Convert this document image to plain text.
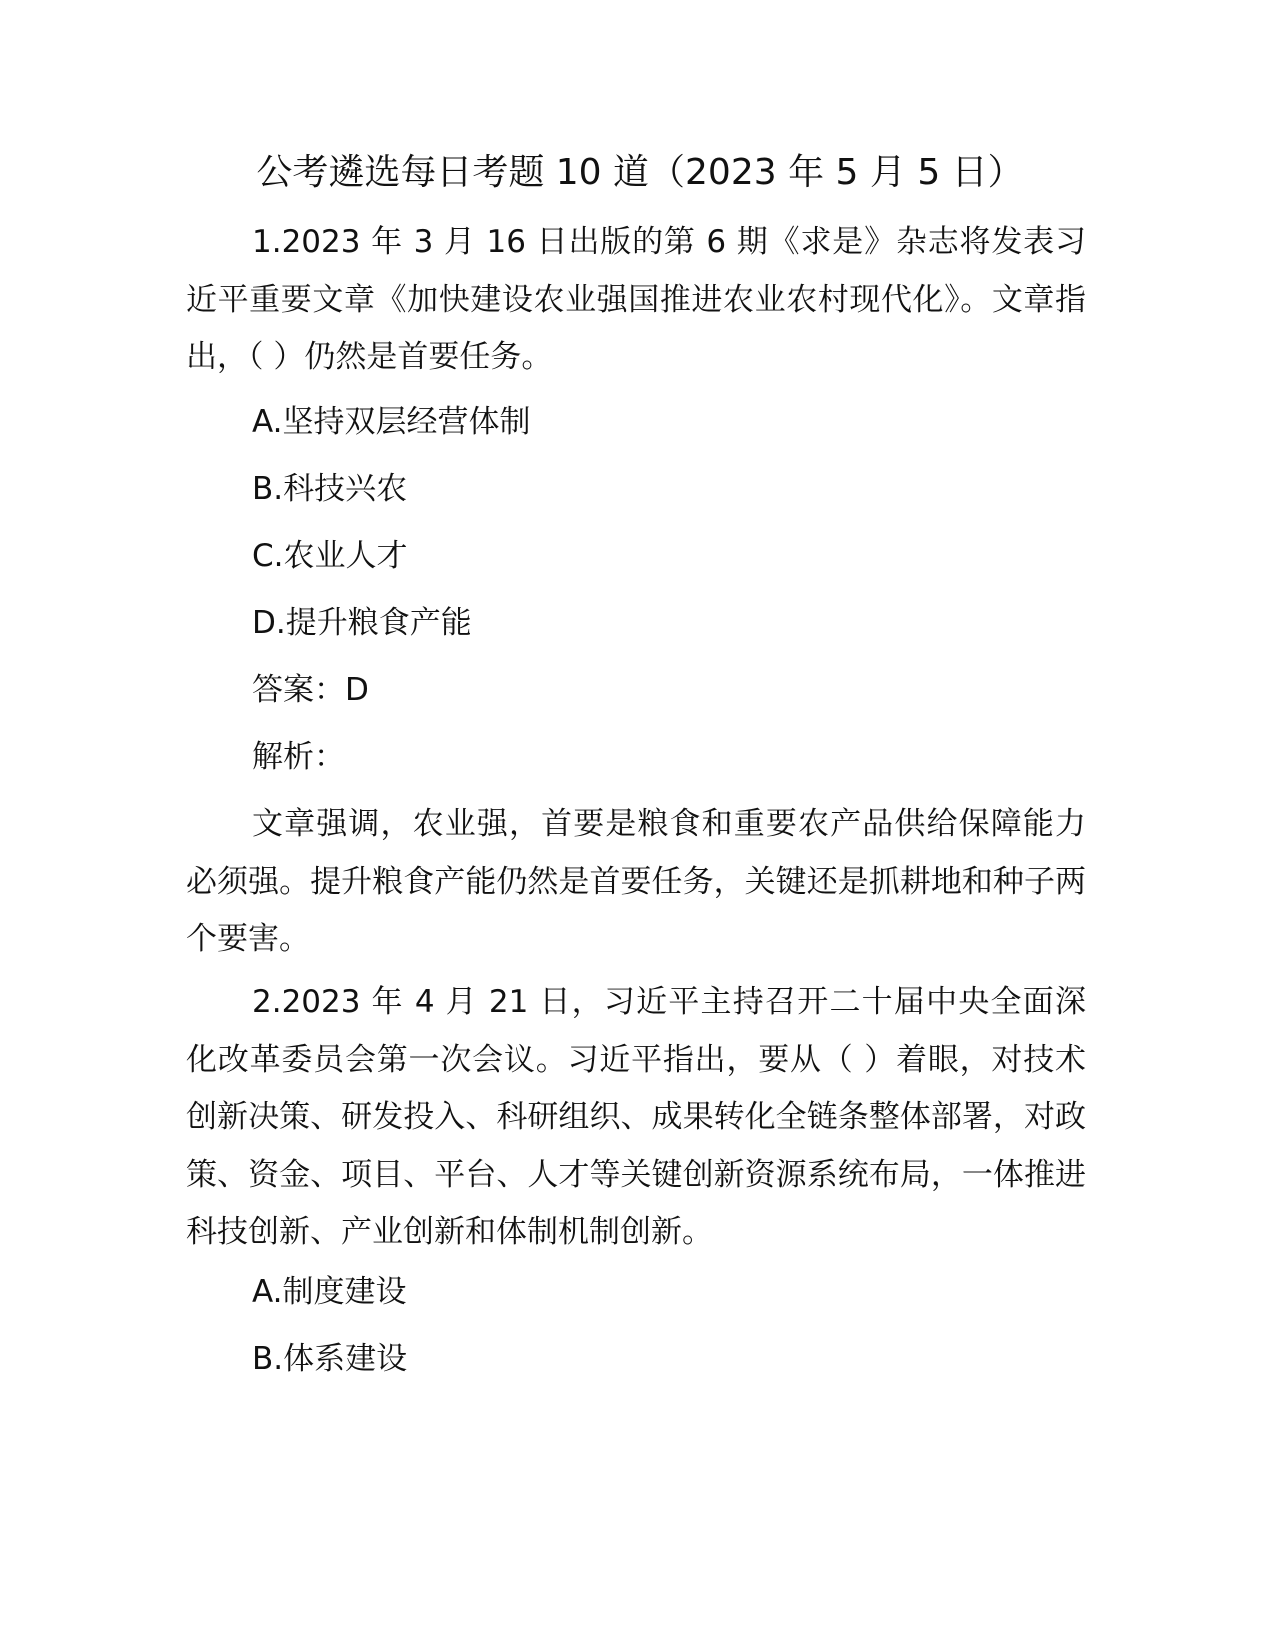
公考遴选每日考题 10 道（2023 年 5 月 5 日）

1.2023 年 3 月 16 日出版的第 6 期《求是》杂志将发表习近平重要文章《加快建设农业强国推进农业农村现代化》。文章指出，（ ）仍然是首要任务。

A.坚持双层经营体制

B.科技兴农

C.农业人才

D.提升粮食产能

答案：D

解析：

文章强调，农业强，首要是粮食和重要农产品供给保障能力必须强。提升粮食产能仍然是首要任务，关键还是抓耕地和种子两个要害。

2.2023 年 4 月 21 日，习近平主持召开二十届中央全面深化改革委员会第一次会议。习近平指出，要从（ ）着眼，对技术创新决策、研发投入、科研组织、成果转化全链条整体部署，对政策、资金、项目、平台、人才等关键创新资源系统布局，一体推进科技创新、产业创新和体制机制创新。

A.制度建设

B.体系建设
